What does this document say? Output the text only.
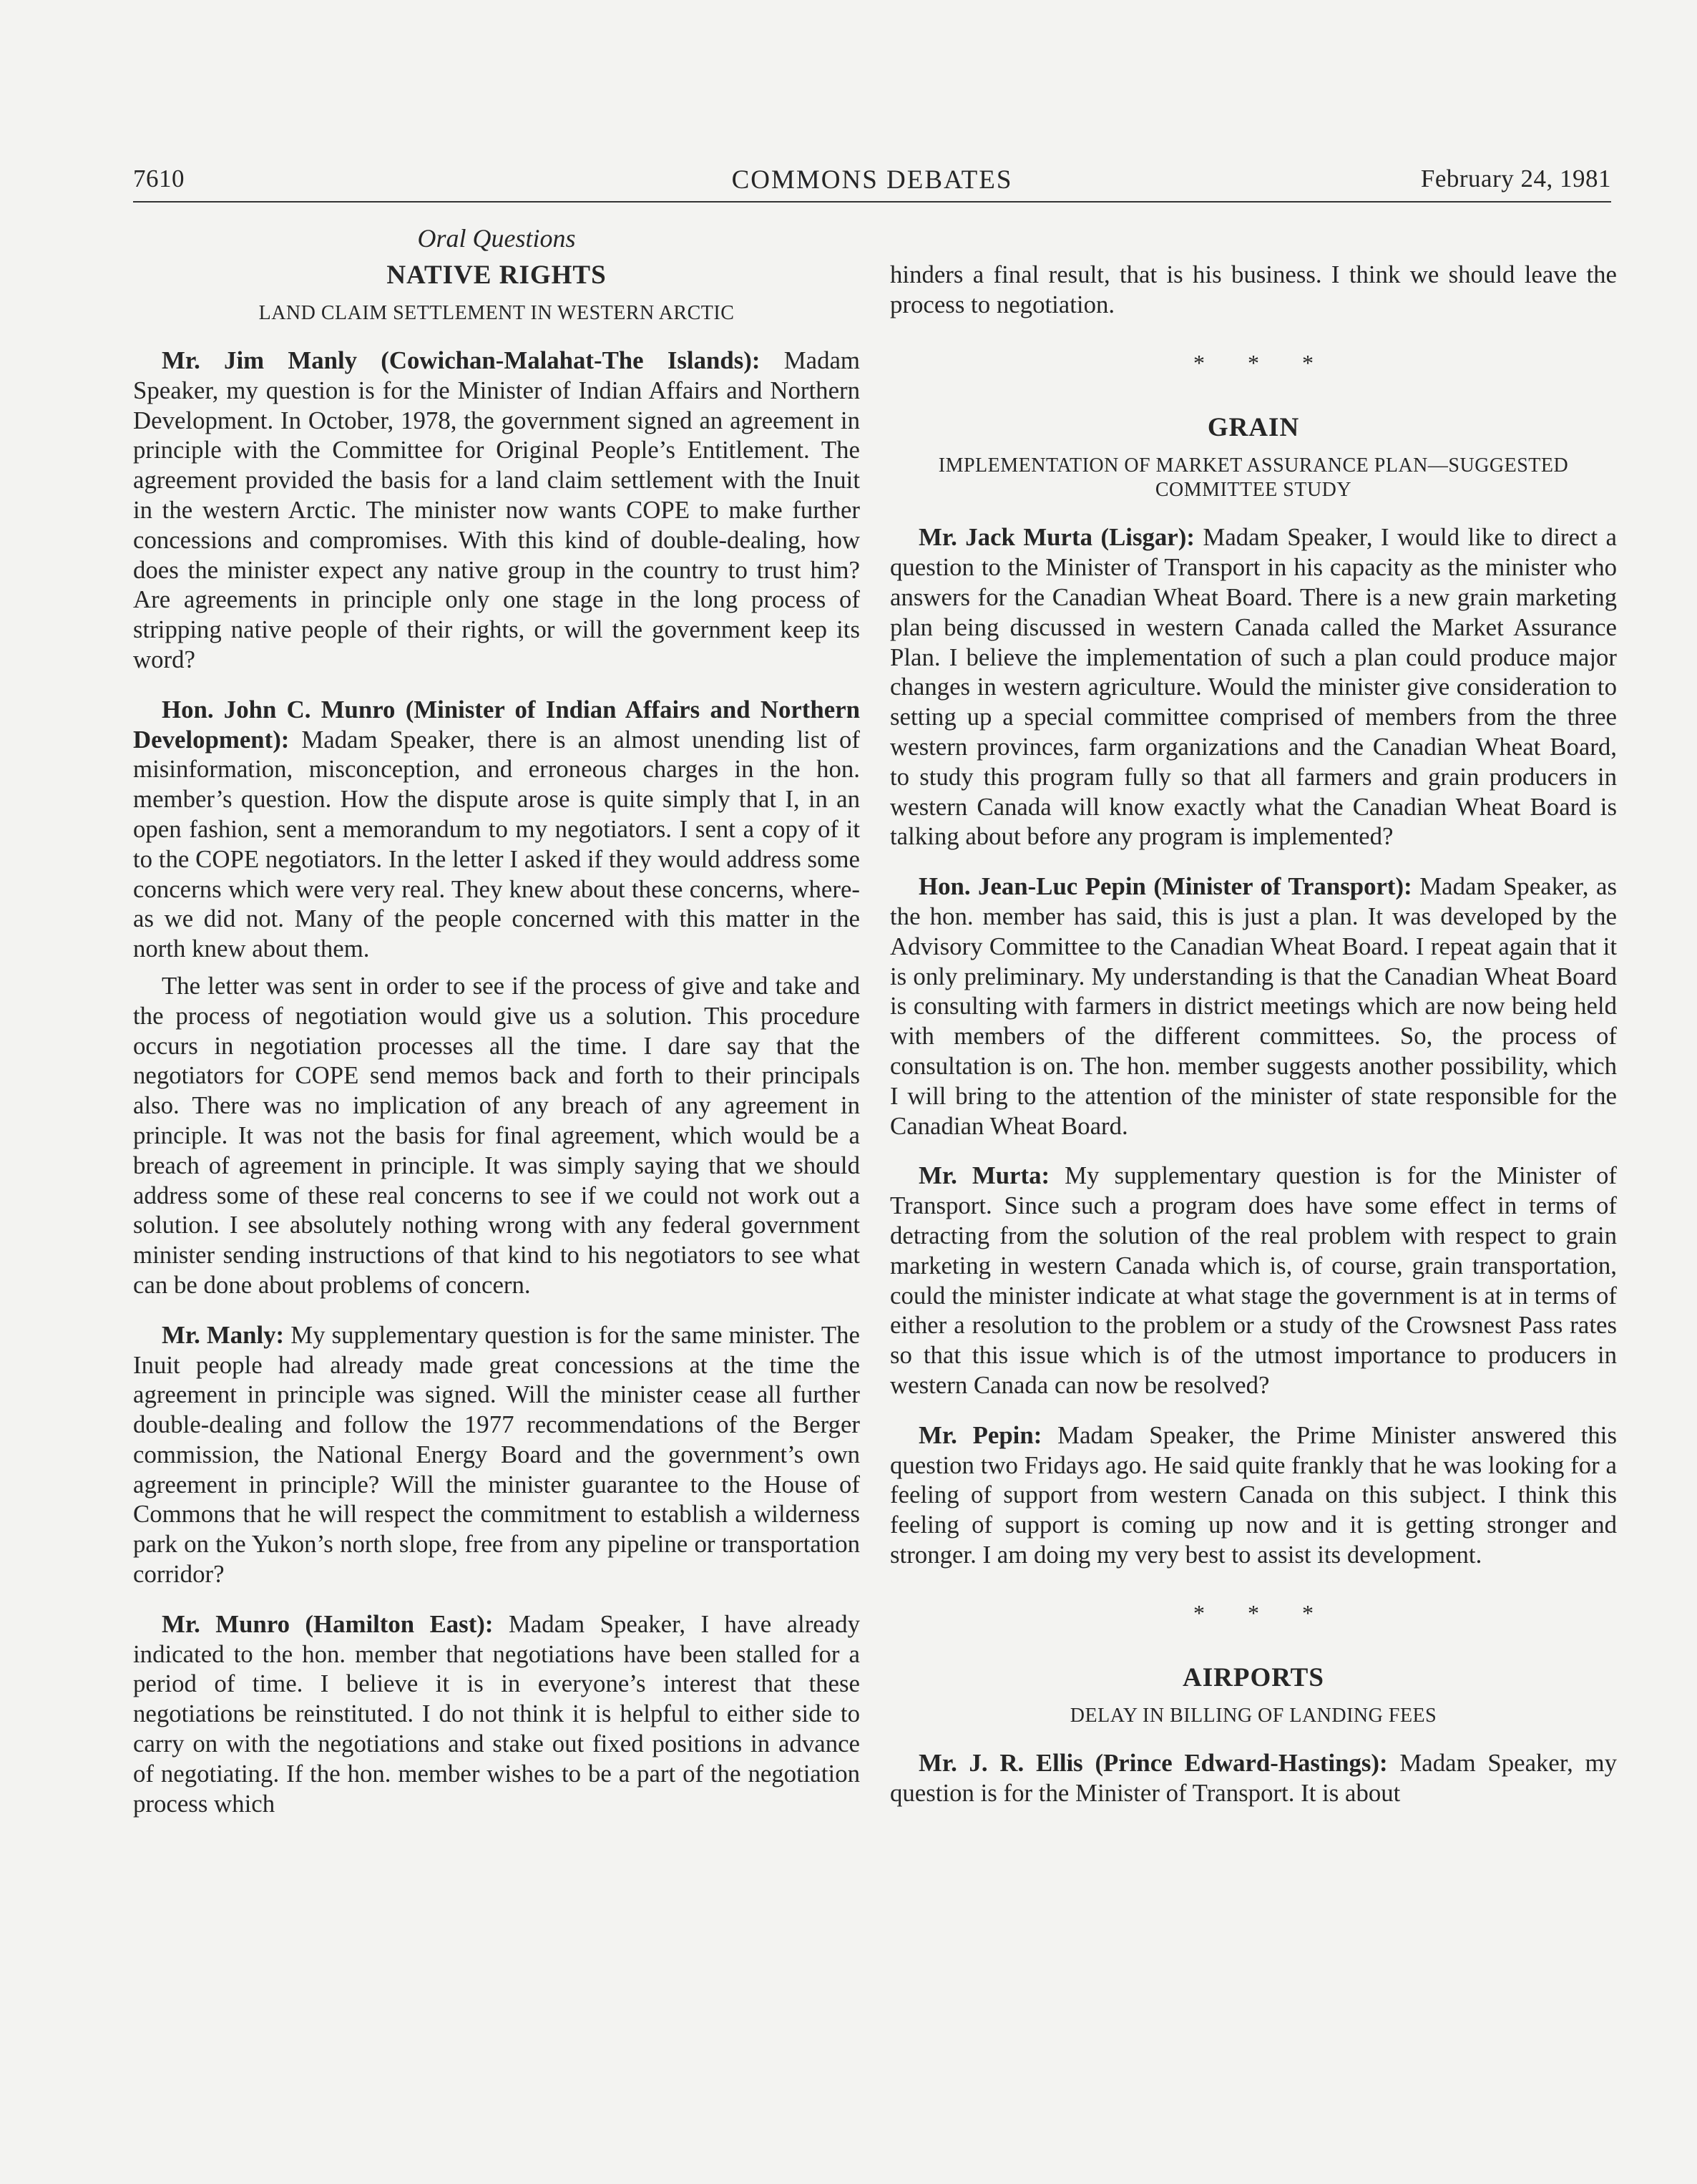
7610	COMMONS DEBATES	February 24, 1981
Oral Questions
NATIVE RIGHTS
LAND CLAIM SETTLEMENT IN WESTERN ARCTIC

Mr. Jim Manly (Cowichan-Malahat-The Islands): Madam Speaker, my question is for the Minister of Indian Affairs and Northern Development. In October, 1978, the government signed an agreement in principle with the Committee for Original People’s Entitlement. The agreement provided the basis for a land claim settlement with the Inuit in the western Arctic. The minister now wants COPE to make further concessions and compromises. With this kind of double-dealing, how does the minister expect any native group in the country to trust him? Are agreements in principle only one stage in the long process of stripping native people of their rights, or will the government keep its word?

Hon. John C. Munro (Minister of Indian Affairs and Northern Development): Madam Speaker, there is an almost unending list of misinformation, misconception, and erroneous charges in the hon. member’s question. How the dispute arose is quite simply that I, in an open fashion, sent a memorandum to my negotiators. I sent a copy of it to the COPE negotiators. In the letter I asked if they would address some concerns which were very real. They knew about these concerns, whereas we did not. Many of the people concerned with this matter in the north knew about them.

The letter was sent in order to see if the process of give and take and the process of negotiation would give us a solution. This procedure occurs in negotiation processes all the time. I dare say that the negotiators for COPE send memos back and forth to their principals also. There was no implication of any breach of any agreement in principle. It was not the basis for final agreement, which would be a breach of agreement in principle. It was simply saying that we should address some of these real concerns to see if we could not work out a solution. I see absolutely nothing wrong with any federal government minister sending instructions of that kind to his negotiators to see what can be done about problems of concern.

Mr. Manly: My supplementary question is for the same minister. The Inuit people had already made great concessions at the time the agreement in principle was signed. Will the minister cease all further double-dealing and follow the 1977 recommendations of the Berger commission, the National Energy Board and the government’s own agreement in principle? Will the minister guarantee to the House of Commons that he will respect the commitment to establish a wilderness park on the Yukon’s north slope, free from any pipeline or transportation corridor?

Mr. Munro (Hamilton East): Madam Speaker, I have already indicated to the hon. member that negotiations have been stalled for a period of time. I believe it is in everyone’s interest that these negotiations be reinstituted. I do not think it is helpful to either side to carry on with the negotiations and stake out fixed positions in advance of negotiating. If the hon. member wishes to be a part of the negotiation process which

hinders a final result, that is his business. I think we should leave the process to negotiation.

* * *
GRAIN
IMPLEMENTATION OF MARKET ASSURANCE PLAN—SUGGESTED COMMITTEE STUDY

Mr. Jack Murta (Lisgar): Madam Speaker, I would like to direct a question to the Minister of Transport in his capacity as the minister who answers for the Canadian Wheat Board. There is a new grain marketing plan being discussed in western Canada called the Market Assurance Plan. I believe the implementation of such a plan could produce major changes in western agriculture. Would the minister give consideration to setting up a special committee comprised of members from the three western provinces, farm organizations and the Canadian Wheat Board, to study this program fully so that all farmers and grain producers in western Canada will know exactly what the Canadian Wheat Board is talking about before any program is implemented?

Hon. Jean-Luc Pepin (Minister of Transport): Madam Speaker, as the hon. member has said, this is just a plan. It was developed by the Advisory Committee to the Canadian Wheat Board. I repeat again that it is only preliminary. My understanding is that the Canadian Wheat Board is consulting with farmers in district meetings which are now being held with members of the different committees. So, the process of consultation is on. The hon. member suggests another possibility, which I will bring to the attention of the minister of state responsible for the Canadian Wheat Board.

Mr. Murta: My supplementary question is for the Minister of Transport. Since such a program does have some effect in terms of detracting from the solution of the real problem with respect to grain marketing in western Canada which is, of course, grain transportation, could the minister indicate at what stage the government is at in terms of either a resolution to the problem or a study of the Crowsnest Pass rates so that this issue which is of the utmost importance to producers in western Canada can now be resolved?

Mr. Pepin: Madam Speaker, the Prime Minister answered this question two Fridays ago. He said quite frankly that he was looking for a feeling of support from western Canada on this subject. I think this feeling of support is coming up now and it is getting stronger and stronger. I am doing my very best to assist its development.

* * *
AIRPORTS
DELAY IN BILLING OF LANDING FEES

Mr. J. R. Ellis (Prince Edward-Hastings): Madam Speaker, my question is for the Minister of Transport. It is about
